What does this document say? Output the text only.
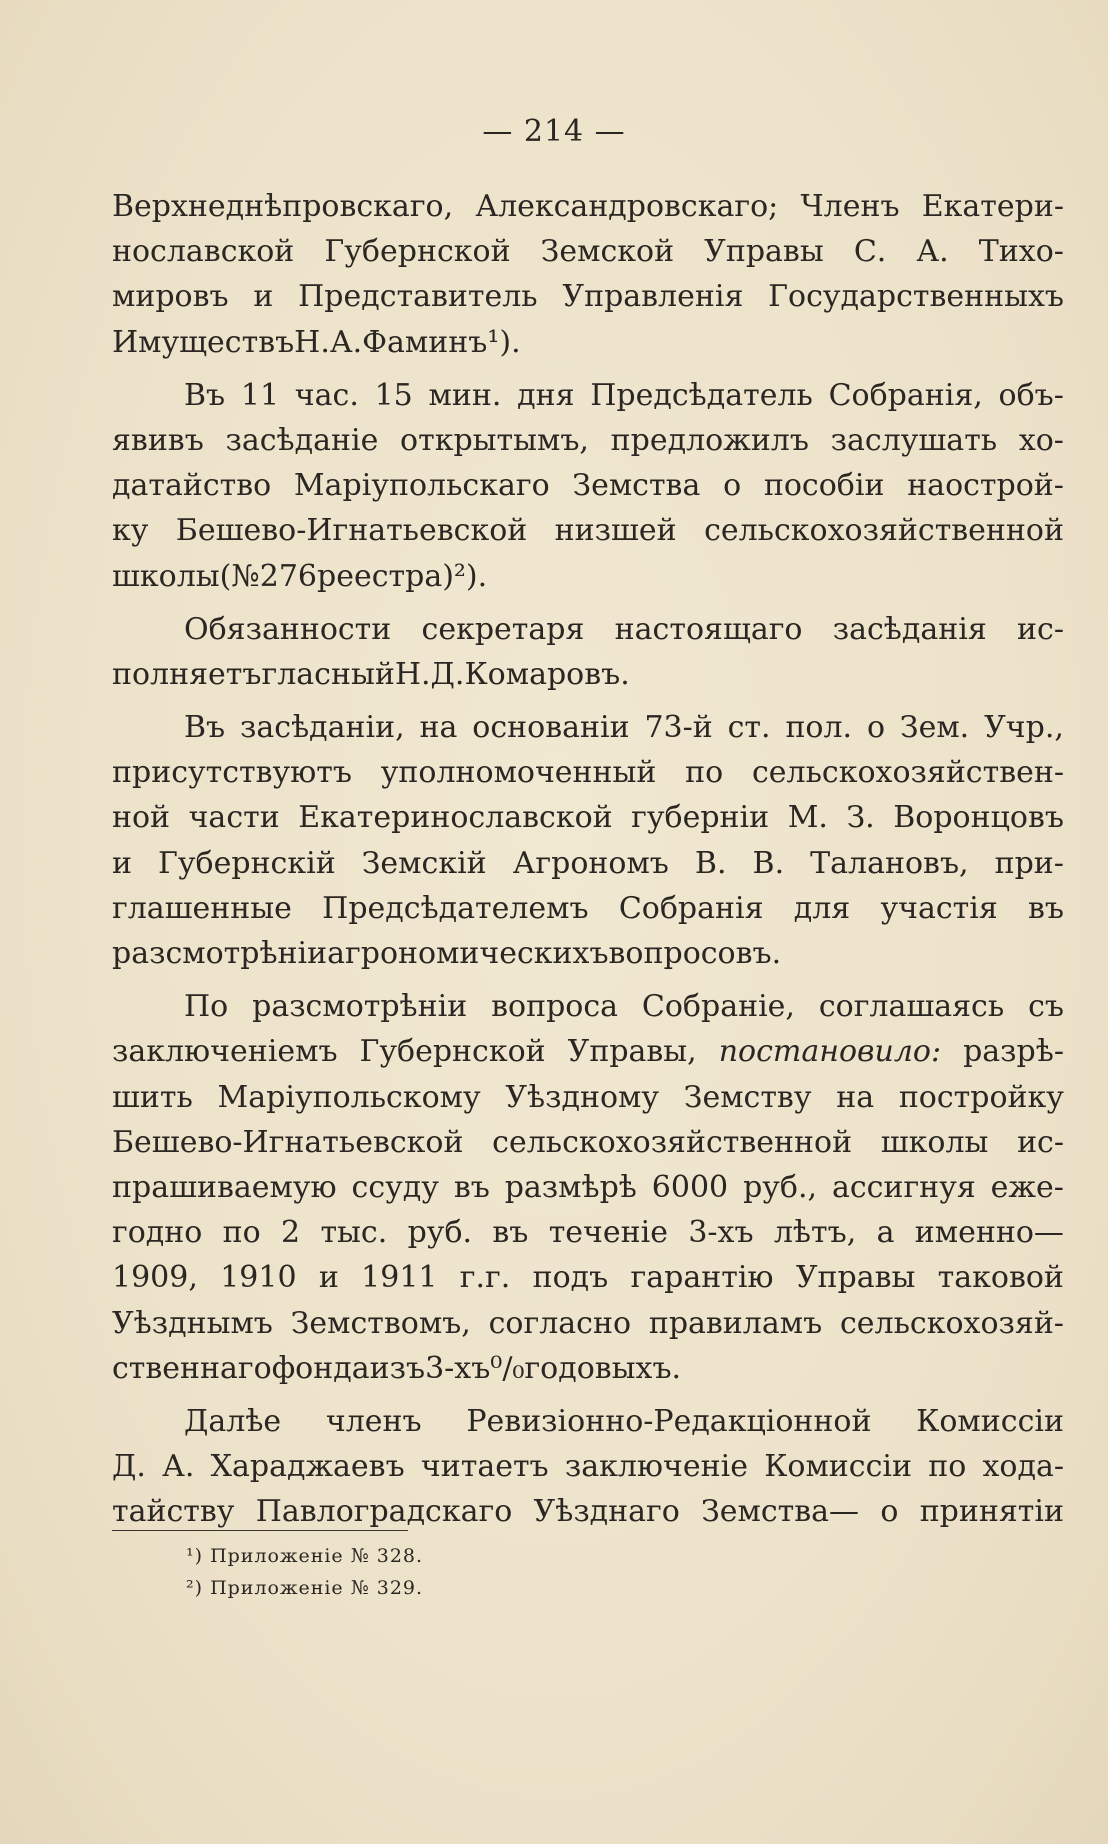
— 214 —
Верхнеднѣпровскаго, Александровскаго; Членъ Екатери-
нославской Губернской Земской Управы С. А. Тихо-
мировъ и Представитель Управленія Государственныхъ
Имуществъ Н. А. Фаминъ ¹).
Въ 11 час. 15 мин. дня Предсѣдатель Собранія, объ-
явивъ засѣданіе открытымъ, предложилъ заслушать хо-
датайство Маріупольскаго Земства о пособіи наострой-
ку Бешево-Игнатьевской низшей сельскохозяйственной
школы (№ 276 реестра) ²).
Обязанности секретаря настоящаго засѣданія ис-
полняетъ гласный Н. Д. Комаровъ.
Въ засѣданіи, на основаніи 73-й ст. пол. о Зем. Учр.,
присутствуютъ уполномоченный по сельскохозяйствен-
ной части Екатеринославской губерніи М. З. Воронцовъ
и Губернскій Земскій Агрономъ В. В. Талановъ, при-
глашенные Предсѣдателемъ Собранія для участія въ
разсмотрѣніи агрономическихъ вопросовъ.
По разсмотрѣніи вопроса Собраніе, соглашаясь съ
заключеніемъ Губернской Управы, постановило: разрѣ-
шить Маріупольскому Уѣздному Земству на постройку
Бешево-Игнатьевской сельскохозяйственной школы ис-
прашиваемую ссуду въ размѣрѣ 6000 руб., ассигнуя еже-
годно по 2 тыс. руб. въ теченіе 3-хъ лѣтъ, а именно—
1909, 1910 и 1911 г.г. подъ гарантію Управы таковой
Уѣзднымъ Земствомъ, согласно правиламъ сельскохозяй-
ственнаго фонда изъ 3-хъ ⁰/₀ годовыхъ.
Далѣе членъ Ревизіонно-Редакціонной Комиссіи
Д. А. Хараджаевъ читаетъ заключеніе Комиссіи по хода-
тайству Павлоградскаго Уѣзднаго Земства— о принятіи
¹) Приложеніе № 328.
²) Приложеніе № 329.
